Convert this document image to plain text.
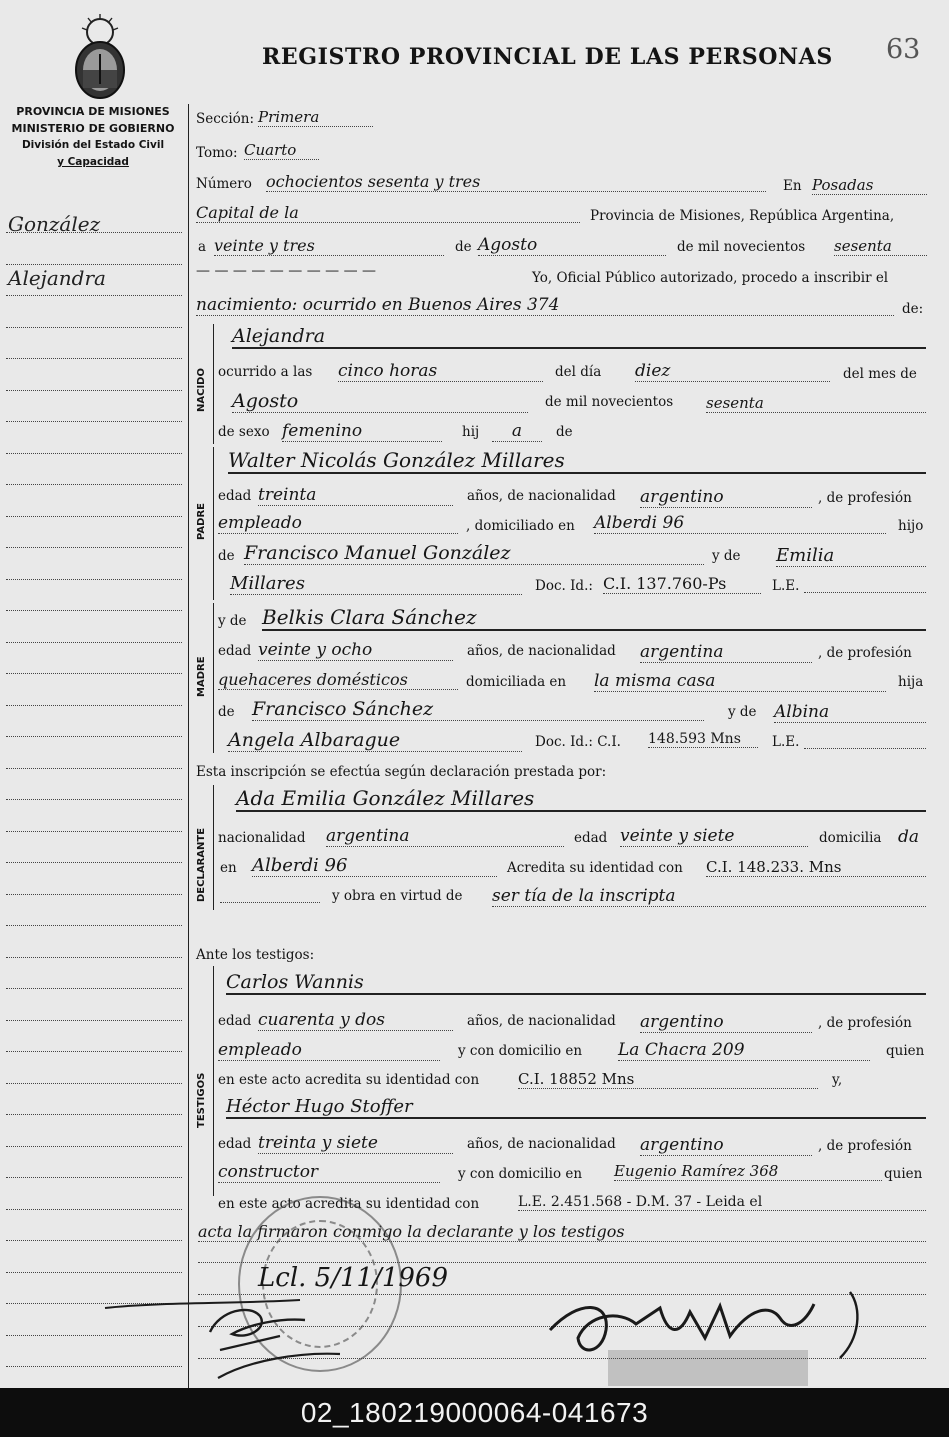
REGISTRO PROVINCIAL DE LAS PERSONAS 63
PROVINCIA DE MISIONES
MINISTERIO DE GOBIERNO
División del Estado Civil
y Capacidad
González
Alejandra
Sección: Primera
Tomo: Cuarto
Número ochocientos sesenta y tres	En Posadas
Capital de la	Provincia de Misiones, República Argentina,
a veinte y tres	de Agosto	de mil novecientos sesenta
— — — — — — — — — —	Yo, Oficial Público autorizado, procedo a inscribir el
nacimiento: ocurrido en Buenos Aires 374	de:
NACIDO
Alejandra
ocurrido a las cinco horas	del día diez	del mes de
Agosto	de mil novecientos sesenta
de sexo femenino	hij	a	de
PADRE
Walter Nicolás González Millares
edad treinta	años, de nacionalidad argentino	, de profesión
empleado	, domiciliado en Alberdi 96	hijo
de Francisco Manuel González	y de Emilia
Millares	Doc. Id.: C.I. 137.760-Ps	L.E.
MADRE
y de Belkis Clara Sánchez
edad veinte y ocho	años, de nacionalidad argentina	, de profesión
quehaceres domésticos	domiciliada en la misma casa	hija
de Francisco Sánchez	y de Albina
Angela Albarague	Doc. Id.: C.I. 148.593 Mns	L.E.
Esta inscripción se efectúa según declaración prestada por:
DECLARANTE
Ada Emilia González Millares
nacionalidad argentina	edad veinte y siete	domicilia da
en Alberdi 96	Acredita su identidad con C.I. 148.233. Mns
y obra en virtud de ser tía de la inscripta
Ante los testigos:
TESTIGOS
Carlos Wannis
edad cuarenta y dos	años, de nacionalidad argentino	, de profesión
empleado	y con domicilio en La Chacra 209	quien
en este acto acredita su identidad con	C.I. 18852 Mns	y,
Héctor Hugo Stoffer
edad treinta y siete	años, de nacionalidad argentino	, de profesión
constructor	y con domicilio en Eugenio Ramírez 368	quien
en este acto acredita su identidad con	L.E. 2.451.568 - D.M. 37 - Leida el
acta la firmaron conmigo la declarante y los testigos
Lcl. 5/11/1969
02_180219000064-041673
